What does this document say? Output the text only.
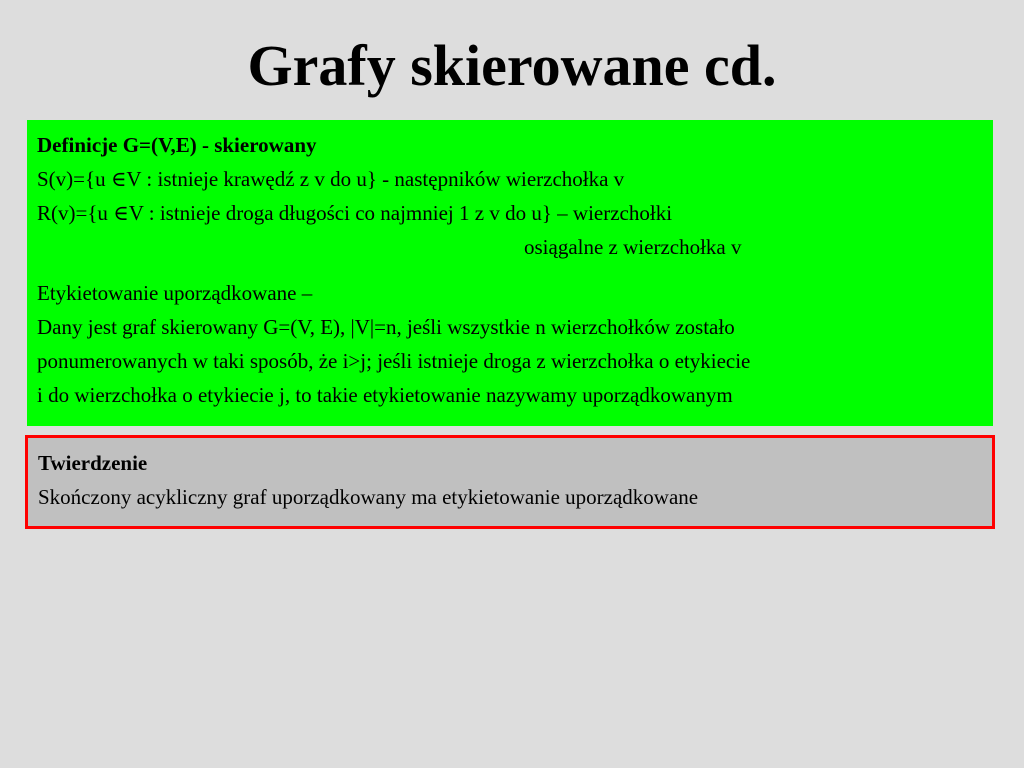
Grafy skierowane cd.
Definicje G=(V,E) - skierowany
S(v)={u ∈V : istnieje krawędź z v do u} - następników wierzchołka v
R(v)={u ∈V : istnieje droga długości co najmniej 1 z v do u} – wierzchołki
osiągalne z wierzchołka v
Etykietowanie uporządkowane –
Dany jest graf skierowany G=(V, E), |V|=n, jeśli wszystkie n wierzchołków zostało
ponumerowanych w taki sposób, że i>j; jeśli istnieje droga z wierzchołka o etykiecie
i do wierzchołka o etykiecie j, to takie etykietowanie nazywamy uporządkowanym
Twierdzenie
Skończony acykliczny graf uporządkowany ma etykietowanie uporządkowane
